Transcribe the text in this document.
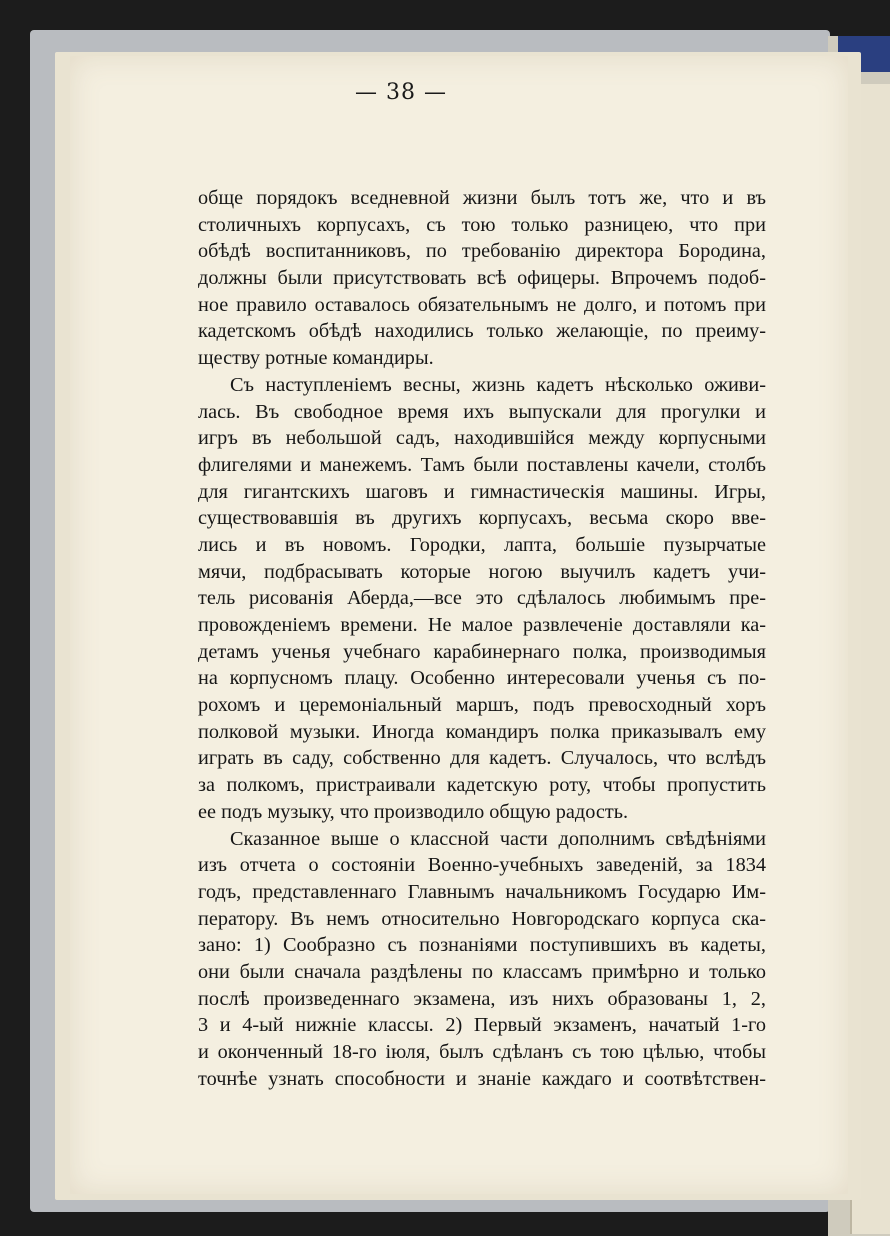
— 38 —
обще порядокъ вседневной жизни былъ тотъ же, что и въ
столичныхъ корпусахъ, съ тою только разницею, что при
обѣдѣ воспитанниковъ, по требованію директора Бородина,
должны были присутствовать всѣ офицеры. Впрочемъ подоб-
ное правило оставалось обязательнымъ не долго, и потомъ при
кадетскомъ обѣдѣ находились только желающіе, по преиму-
ществу ротные командиры.
Съ наступленіемъ весны, жизнь кадетъ нѣсколько оживи-
лась. Въ свободное время ихъ выпускали для прогулки и
игръ въ небольшой садъ, находившійся между корпусными
флигелями и манежемъ. Тамъ были поставлены качели, столбъ
для гигантскихъ шаговъ и гимнастическія машины. Игры,
существовавшія въ другихъ корпусахъ, весьма скоро вве-
лись и въ новомъ. Городки, лапта, большіе пузырчатые
мячи, подбрасывать которые ногою выучилъ кадетъ учи-
тель рисованія Аберда,—все это сдѣлалось любимымъ пре-
провожденіемъ времени. Не малое развлеченіе доставляли ка-
детамъ ученья учебнаго карабинернаго полка, производимыя
на корпусномъ плацу. Особенно интересовали ученья съ по-
рохомъ и церемоніальный маршъ, подъ превосходный хоръ
полковой музыки. Иногда командиръ полка приказывалъ ему
играть въ саду, собственно для кадетъ. Случалось, что вслѣдъ
за полкомъ, пристраивали кадетскую роту, чтобы пропустить
ее подъ музыку, что производило общую радость.
Сказанное выше о классной части дополнимъ свѣдѣніями
изъ отчета о состояніи Военно-учебныхъ заведеній, за 1834
годъ, представленнаго Главнымъ начальникомъ Государю Им-
ператору. Въ немъ относительно Новгородскаго корпуса ска-
зано: 1) Сообразно съ познаніями поступившихъ въ кадеты,
они были сначала раздѣлены по классамъ примѣрно и только
послѣ произведеннаго экзамена, изъ нихъ образованы 1, 2,
3 и 4-ый нижніе классы. 2) Первый экзаменъ, начатый 1-го
и оконченный 18-го іюля, былъ сдѣланъ съ тою цѣлью, чтобы
точнѣе узнать способности и знаніе каждаго и соотвѣтствен-
